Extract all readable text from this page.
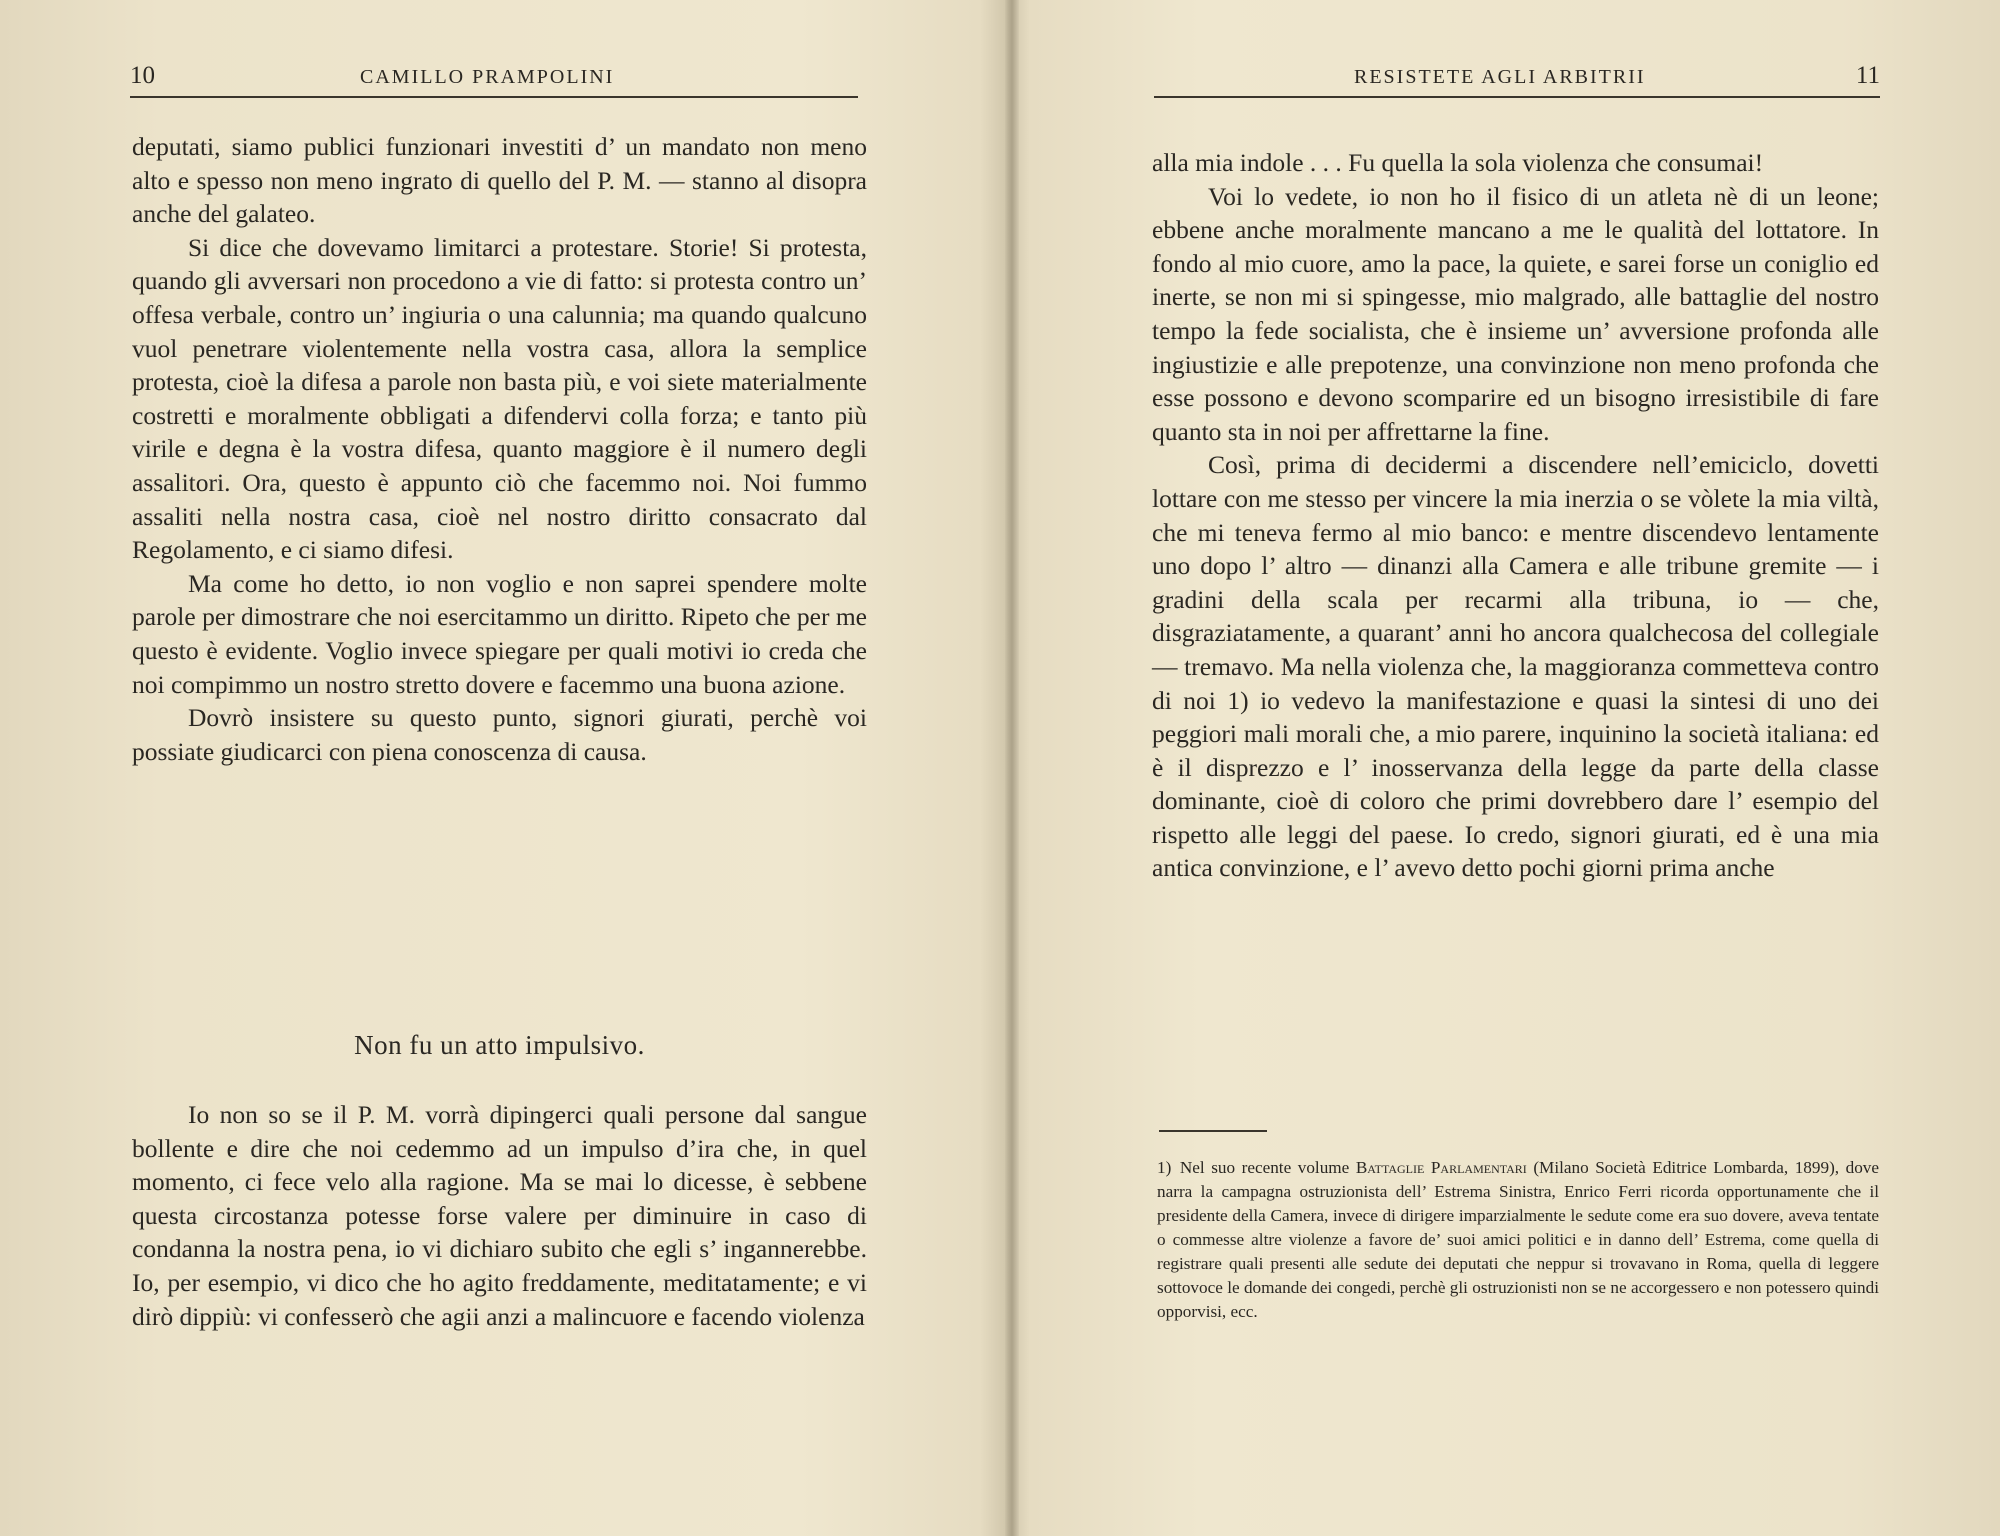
10	CAMILLO PRAMPOLINI

deputati, siamo publici funzionari investiti d’ un mandato non meno alto e spesso non meno ingrato di quello del P. M. — stanno al disopra anche del galateo.

Si dice che dovevamo limitarci a protestare. Storie! Si protesta, quando gli avversari non procedono a vie di fatto: si protesta contro un’ offesa verbale, contro un’ ingiuria o una calunnia; ma quando qualcuno vuol penetrare violentemente nella vostra casa, allora la semplice protesta, cioè la difesa a parole non basta più, e voi siete materialmente costretti e moralmente obbligati a difendervi colla forza; e tanto più virile e degna è la vostra difesa, quanto maggiore è il numero degli assalitori. Ora, questo è appunto ciò che facemmo noi. Noi fummo assaliti nella nostra casa, cioè nel nostro diritto consacrato dal Regolamento, e ci siamo difesi.

Ma come ho detto, io non voglio e non saprei spendere molte parole per dimostrare che noi esercitammo un diritto. Ripeto che per me questo è evidente. Voglio invece spiegare per quali motivi io creda che noi compimmo un nostro stretto dovere e facemmo una buona azione.

Dovrò insistere su questo punto, signori giurati, perchè voi possiate giudicarci con piena conoscenza di causa.

Non fu un atto impulsivo.

Io non so se il P. M. vorrà dipingerci quali persone dal sangue bollente e dire che noi cedemmo ad un impulso d’ira che, in quel momento, ci fece velo alla ragione. Ma se mai lo dicesse, è sebbene questa circostanza potesse forse valere per diminuire in caso di condanna la nostra pena, io vi dichiaro subito che egli s’ ingannerebbe. Io, per esempio, vi dico che ho agito freddamente, meditatamente; e vi dirò dippiù: vi confesserò che agii anzi a malincuore e facendo violenza

RESISTETE AGLI ARBITRII	11

alla mia indole . . . Fu quella la sola violenza che consumai!

Voi lo vedete, io non ho il fisico di un atleta nè di un leone; ebbene anche moralmente mancano a me le qualità del lottatore. In fondo al mio cuore, amo la pace, la quiete, e sarei forse un coniglio ed inerte, se non mi si spingesse, mio malgrado, alle battaglie del nostro tempo la fede socialista, che è insieme un’ avversione profonda alle ingiustizie e alle prepotenze, una convinzione non meno profonda che esse possono e devono scomparire ed un bisogno irresistibile di fare quanto sta in noi per affrettarne la fine.

Così, prima di decidermi a discendere nell’emiciclo, dovetti lottare con me stesso per vincere la mia inerzia o se vòlete la mia viltà, che mi teneva fermo al mio banco: e mentre discendevo lentamente uno dopo l’ altro — dinanzi alla Camera e alle tribune gremite — i gradini della scala per recarmi alla tribuna, io — che, disgraziatamente, a quarant’ anni ho ancora qualchecosa del collegiale — tremavo. Ma nella violenza che, la maggioranza commetteva contro di noi 1) io vedevo la manifestazione e quasi la sintesi di uno dei peggiori mali morali che, a mio parere, inquinino la società italiana: ed è il disprezzo e l’ inosservanza della legge da parte della classe dominante, cioè di coloro che primi dovrebbero dare l’ esempio del rispetto alle leggi del paese. Io credo, signori giurati, ed è una mia antica convinzione, e l’ avevo detto pochi giorni prima anche

1) Nel suo recente volume Battaglie Parlamentari (Milano Società Editrice Lombarda, 1899), dove narra la campagna ostruzionista dell’ Estrema Sinistra, Enrico Ferri ricorda opportunamente che il presidente della Camera, invece di dirigere imparzialmente le sedute come era suo dovere, aveva tentate o commesse altre violenze a favore de’ suoi amici politici e in danno dell’ Estrema, come quella di registrare quali presenti alle sedute dei deputati che neppur si trovavano in Roma, quella di leggere sottovoce le domande dei congedi, perchè gli ostruzionisti non se ne accorgessero e non potessero quindi opporvisi, ecc.
